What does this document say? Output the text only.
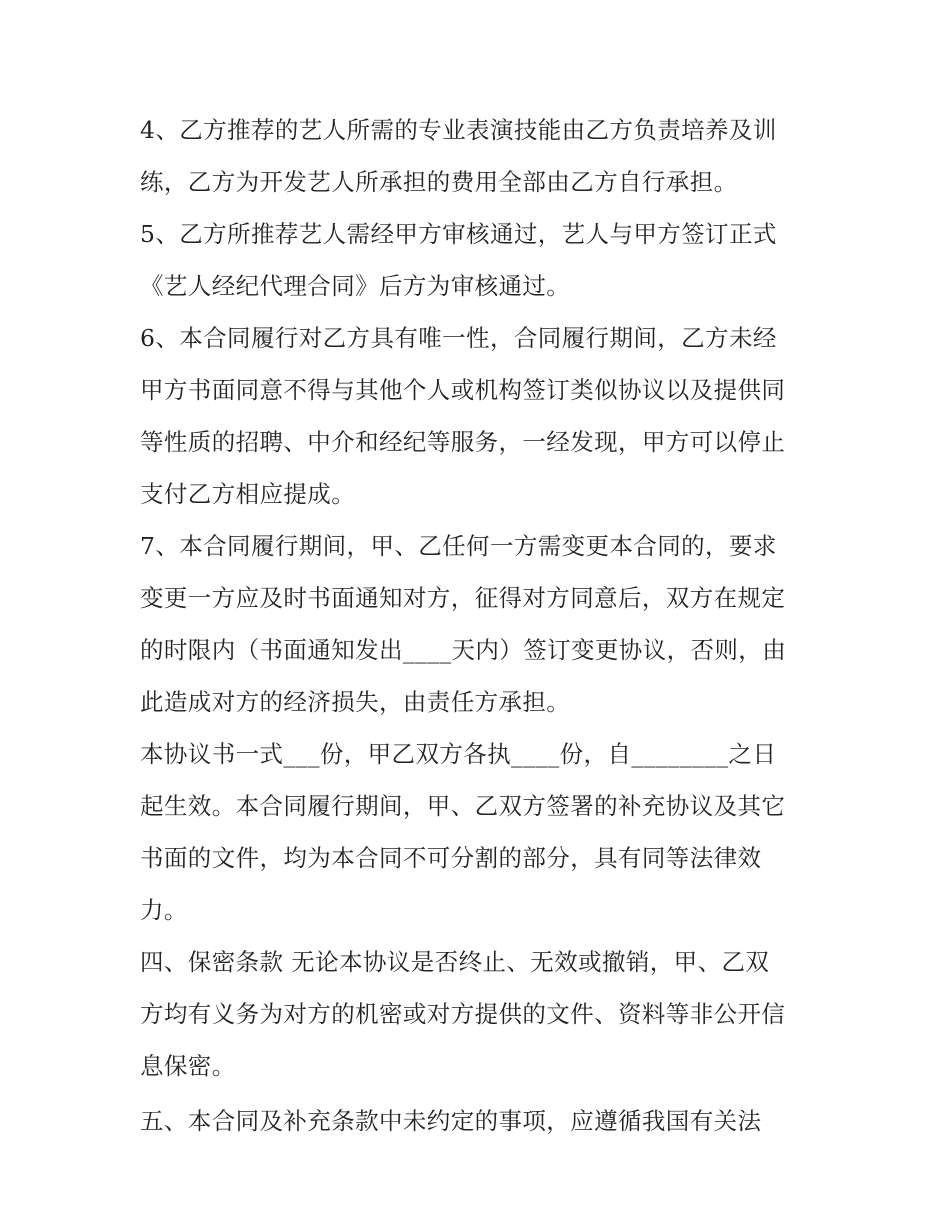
4、乙方推荐的艺人所需的专业表演技能由乙方负责培养及训
练，乙方为开发艺人所承担的费用全部由乙方自行承担。
5、乙方所推荐艺人需经甲方审核通过，艺人与甲方签订正式
《艺人经纪代理合同》后方为审核通过。
6、本合同履行对乙方具有唯一性，合同履行期间，乙方未经
甲方书面同意不得与其他个人或机构签订类似协议以及提供同
等性质的招聘、中介和经纪等服务，一经发现，甲方可以停止
支付乙方相应提成。
7、本合同履行期间，甲、乙任何一方需变更本合同的，要求
变更一方应及时书面通知对方，征得对方同意后，双方在规定
的时限内（书面通知发出____天内）签订变更协议，否则，由
此造成对方的经济损失，由责任方承担。
本协议书一式___份，甲乙双方各执____份，自________之日
起生效。本合同履行期间，甲、乙双方签署的补充协议及其它
书面的文件，均为本合同不可分割的部分，具有同等法律效
力。
四、保密条款 无论本协议是否终止、无效或撤销，甲、乙双
方均有义务为对方的机密或对方提供的文件、资料等非公开信
息保密。
五、本合同及补充条款中未约定的事项，应遵循我国有关法
